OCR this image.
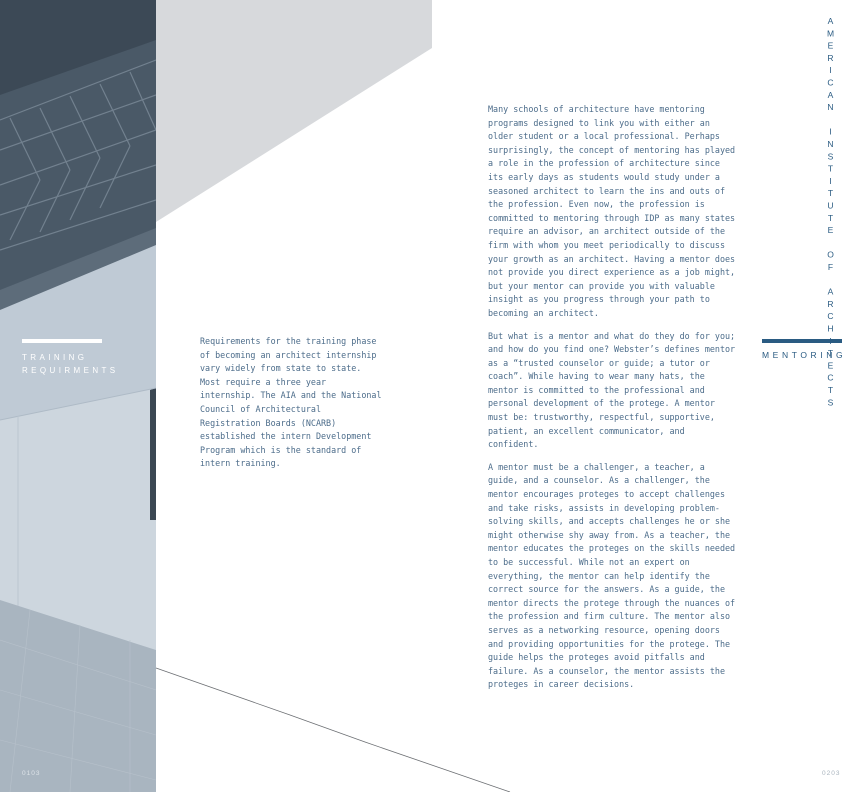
TRAINING
REQUIRMENTS

Requirements for the training phase of becoming an architect internship vary widely from state to state. Most require a three year internship. The AIA and the National Council of Architectural Registration Boards (NCARB) established the intern Development Program which is the standard of intern training.

Many schools of architecture have mentoring programs designed to link you with either an older student or a local professional. Perhaps surprisingly, the concept of mentoring has played a role in the profession of architecture since its early days as students would study under a seasoned architect to learn the ins and outs of the profession. Even now, the profession is committed to mentoring through IDP as many states require an advisor, an architect outside of the firm with whom you meet periodically to discuss your growth as an architect. Having a mentor does not provide you direct experience as a job might, but your mentor can provide you with valuable insight as you progress through your path to becoming an architect.

But what is a mentor and what do they do for you; and how do you find one? Webster’s defines mentor as a “trusted counselor or guide; a tutor or coach”. While having to wear many hats, the mentor is committed to the professional and personal development of the protege. A mentor must be: trustworthy, respectful, supportive, patient, an excellent communicator, and confident.

A mentor must be a challenger, a teacher, a guide, and a counselor. As a challenger, the mentor encourages proteges to accept challenges and take risks, assists in developing problem-solving skills, and accepts challenges he or she might otherwise shy away from. As a teacher, the mentor educates the proteges on the skills needed to be successful. While not an expert on everything, the mentor can help identify the correct source for the answers. As a guide, the mentor directs the protege through the nuances of the profession and firm culture. The mentor also serves as a networking resource, opening doors and providing opportunities for the protege. The guide helps the proteges avoid pitfalls and failure. As a counselor, the mentor assists the proteges in career decisions.

MENTORING
AMERICAN INSTITUTE OF ARCHITECTS
0103	0203
